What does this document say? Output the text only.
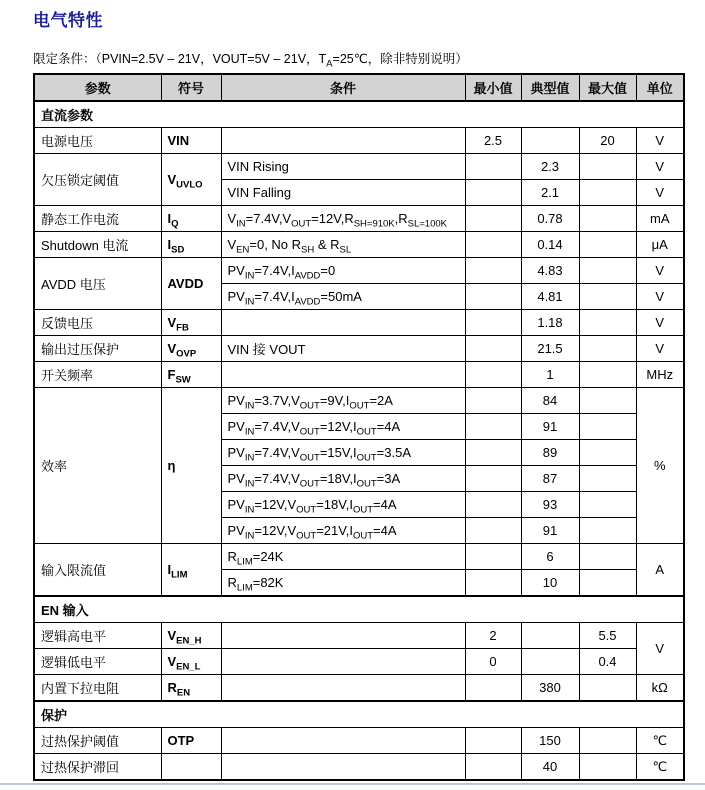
电气特性
限定条件：（PVIN=2.5V – 21V，VOUT=5V – 21V，$T_A=25℃$，除非特别说明）
参数	符号	条件	最小值	典型值	最大值	单位
直流参数						
电源电压	VIN		2.5		20	V
欠压锁定阈值	$V_{UVLO}$	VIN Rising		2.3		V
		VIN Falling		2.1		V
静态工作电流	$I_Q$	$V_{IN}=7.4V,V_{OUT}=12V,R_{SH=910K},R_{SL=100K}$		0.78		mA
Shutdown 电流	$I_{SD}$	$V_{EN}=0$, No $R_{SH}$ & $R_{SL}$		0.14		μA
AVDD 电压	AVDD	$PV_{IN}=7.4V,I_{AVDD}=0$		4.83		V
		$PV_{IN}=7.4V,I_{AVDD}=50mA$		4.81		V
反馈电压	$V_{FB}$			1.18		V
输出过压保护	$V_{OVP}$	VIN 接 VOUT		21.5		V
开关频率	$F_{SW}$			1		MHz
效率	η	$PV_{IN}=3.7V,V_{OUT}=9V,I_{OUT}=2A$		84		%
		$PV_{IN}=7.4V,V_{OUT}=12V,I_{OUT}=4A$		91		
		$PV_{IN}=7.4V,V_{OUT}=15V,I_{OUT}=3.5A$		89		
		$PV_{IN}=7.4V,V_{OUT}=18V,I_{OUT}=3A$		87		
		$PV_{IN}=12V,V_{OUT}=18V,I_{OUT}=4A$		93		
		$PV_{IN}=12V,V_{OUT}=21V,I_{OUT}=4A$		91		
输入限流值	$I_{LIM}$	$R_{LIM}=24K$		6		A
		$R_{LIM}=82K$		10		
EN 输入						
逻辑高电平	$V_{EN\_H}$		2		5.5	V
逻辑低电平	$V_{EN\_L}$		0		0.4	
内置下拉电阻	$R_{EN}$			380		kΩ
保护						
过热保护阈值	OTP			150		℃
过热保护滞回				40		℃
